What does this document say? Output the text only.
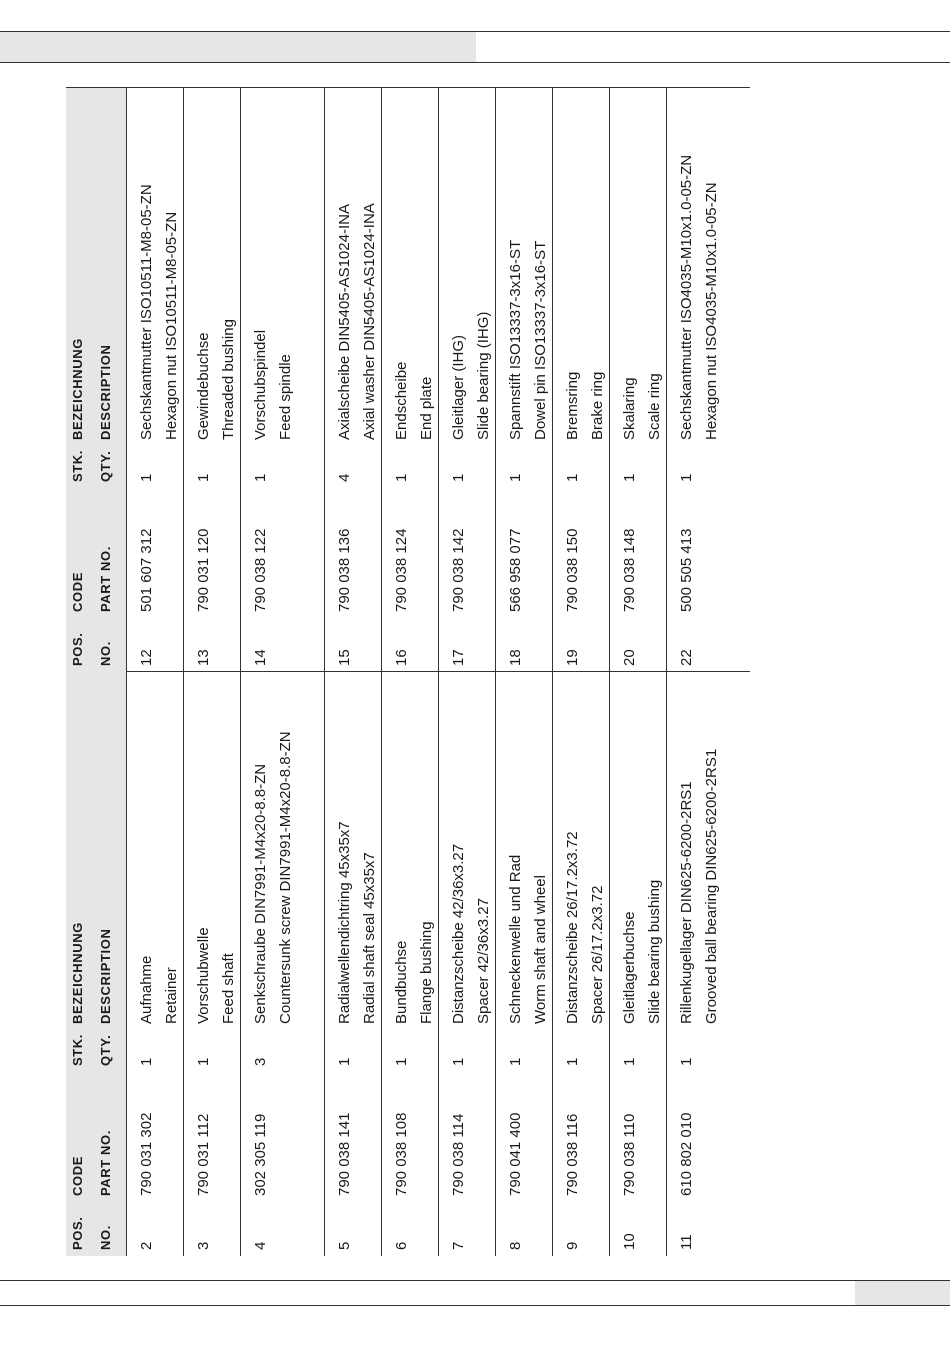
POS. NO.
CODE PART NO.
STK. QTY.
BEZEICHNUNG DESCRIPTION
2
790 031 302
1
Aufnahme Retainer
3
790 031 112
1
Vorschubwelle Feed shaft
4
302 305 119
3
Senkschraube DIN7991-M4x20-8.8-ZN Countersunk screw DIN7991-M4x20-8.8-ZN
5
790 038 141
1
Radialwellendichtring 45x35x7 Radial shaft seal 45x35x7
6
790 038 108
1
Bundbuchse Flange bushing
7
790 038 114
1
Distanzscheibe 42/36x3.27 Spacer 42/36x3.27
8
790 041 400
1
Schneckenwelle und Rad Worm shaft and wheel
9
790 038 116
1
Distanzscheibe 26/17.2x3.72 Spacer 26/17.2x3.72
10
790 038 110
1
Gleitlagerbuchse Slide bearing bushing
11
610 802 010
1
Rillenkugellager DIN625-6200-2RS1 Grooved ball bearing DIN625-6200-2RS1
POS. NO.
CODE PART NO.
STK. QTY.
BEZEICHNUNG DESCRIPTION
12
501 607 312
1
Sechskantmutter ISO10511-M8-05-ZN Hexagon nut ISO10511-M8-05-ZN
13
790 031 120
1
Gewindebuchse Threaded bushing
14
790 038 122
1
Vorschubspindel Feed spindle
15
790 038 136
4
Axialscheibe DIN5405-AS1024-INA Axial washer DIN5405-AS1024-INA
16
790 038 124
1
Endscheibe End plate
17
790 038 142
1
Gleitlager (IHG) Slide bearing (IHG)
18
566 958 077
1
Spannstift ISO13337-3x16-ST Dowel pin ISO13337-3x16-ST
19
790 038 150
1
Bremsring Brake ring
20
790 038 148
1
Skalaring Scale ring
22
500 505 413
1
Sechskantmutter ISO4035-M10x1.0-05-ZN Hexagon nut ISO4035-M10x1.0-05-ZN
